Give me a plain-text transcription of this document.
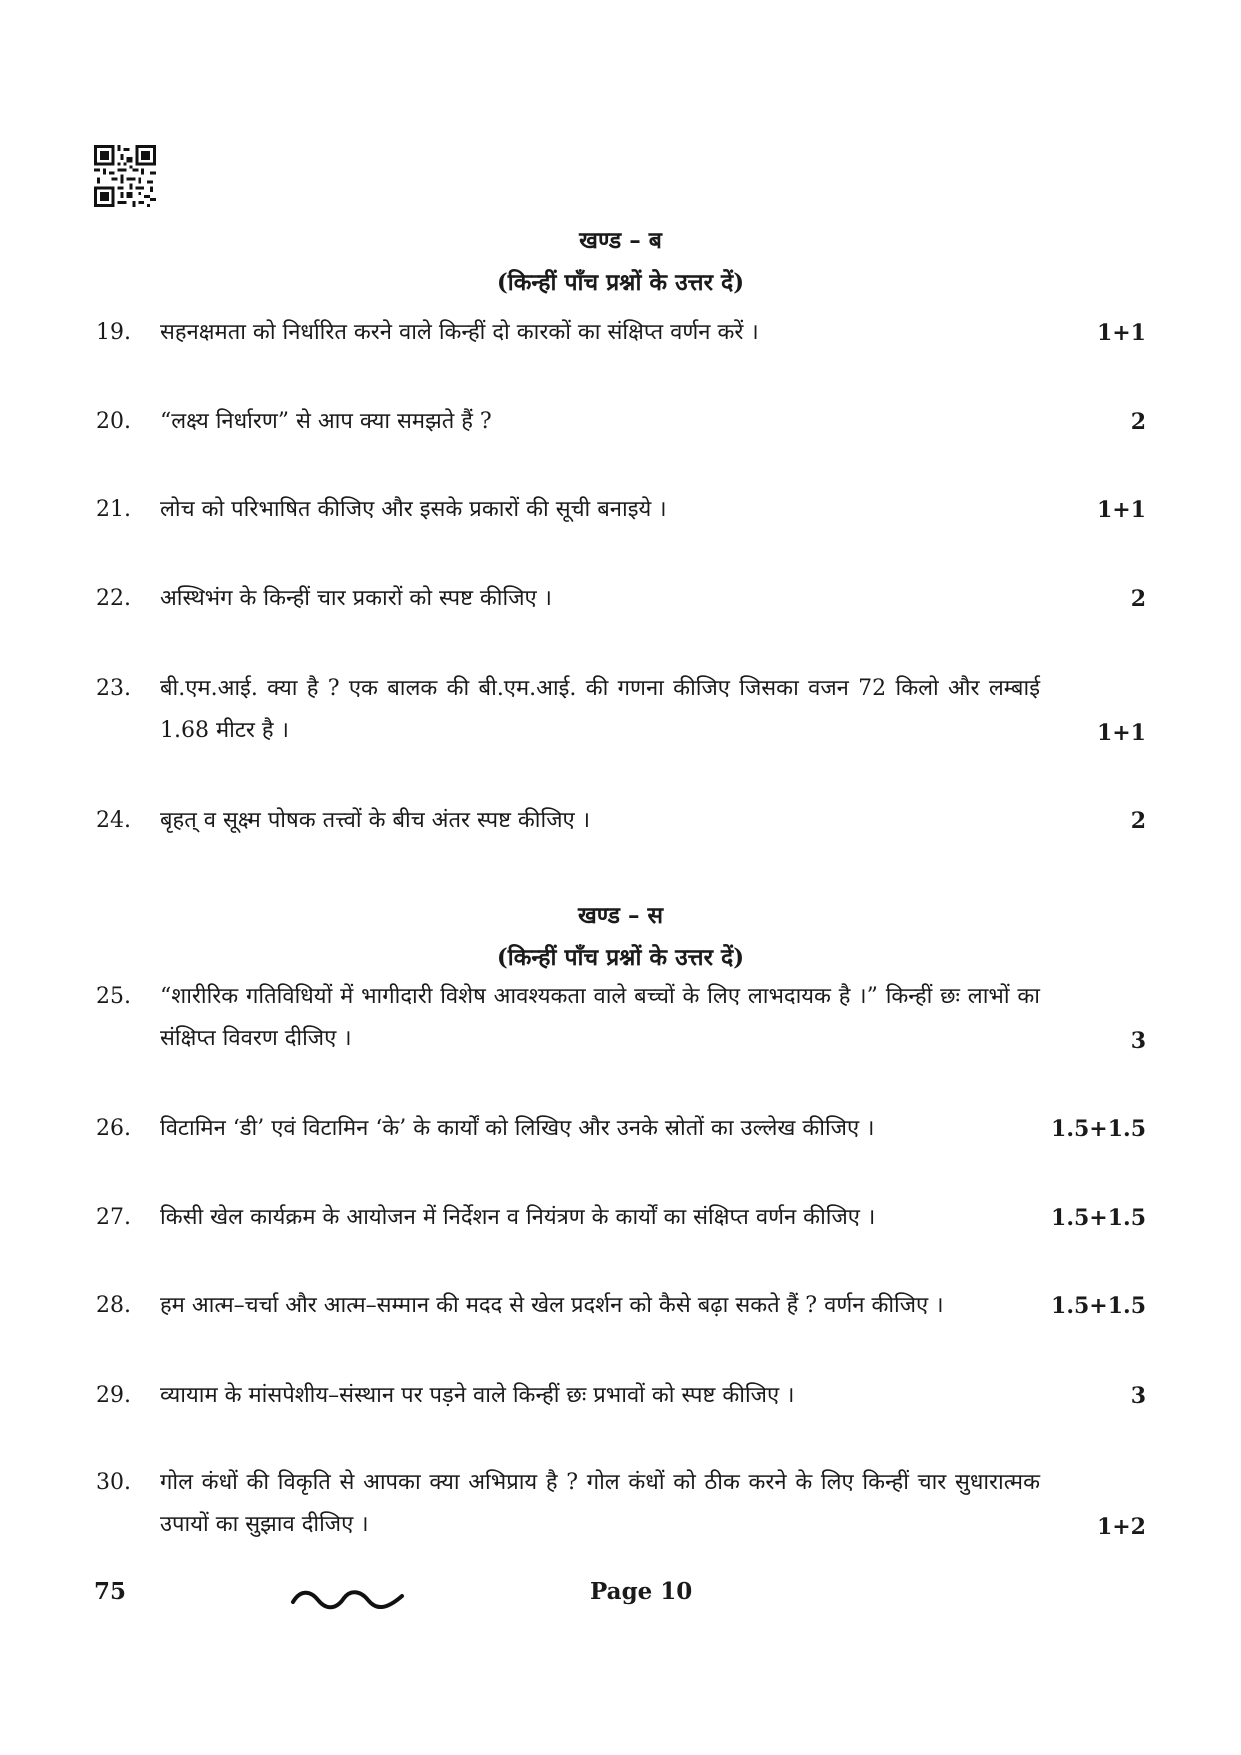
खण्ड – ब
(किन्हीं पाँच प्रश्नों के उत्तर दें)
19.	सहनक्षमता को निर्धारित करने वाले किन्हीं दो कारकों का संक्षिप्त वर्णन करें ।	1+1
20.	“लक्ष्य निर्धारण” से आप क्या समझते हैं ?	2
21.	लोच को परिभाषित कीजिए और इसके प्रकारों की सूची बनाइये ।	1+1
22.	अस्थिभंग के किन्हीं चार प्रकारों को स्पष्ट कीजिए ।	2
23.	बी.एम.आई. क्या है ? एक बालक की बी.एम.आई. की गणना कीजिए जिसका वजन 72 किलो और लम्बाई 1.68 मीटर है ।	1+1
24.	बृहत् व सूक्ष्म पोषक तत्त्वों के बीच अंतर स्पष्ट कीजिए ।	2
खण्ड – स
(किन्हीं पाँच प्रश्नों के उत्तर दें)
25.	“शारीरिक गतिविधियों में भागीदारी विशेष आवश्यकता वाले बच्चों के लिए लाभदायक है ।” किन्हीं छः लाभों का संक्षिप्त विवरण दीजिए ।	3
26.	विटामिन ‘डी’ एवं विटामिन ‘के’ के कार्यों को लिखिए और उनके स्रोतों का उल्लेख कीजिए ।	1.5+1.5
27.	किसी खेल कार्यक्रम के आयोजन में निर्देशन व नियंत्रण के कार्यों का संक्षिप्त वर्णन कीजिए ।	1.5+1.5
28.	हम आत्म–चर्चा और आत्म–सम्मान की मदद से खेल प्रदर्शन को कैसे बढ़ा सकते हैं ? वर्णन कीजिए ।	1.5+1.5
29.	व्यायाम के मांसपेशीय–संस्थान पर पड़ने वाले किन्हीं छः प्रभावों को स्पष्ट कीजिए ।	3
30.	गोल कंधों की विकृति से आपका क्या अभिप्राय है ? गोल कंधों को ठीक करने के लिए किन्हीं चार सुधारात्मक उपायों का सुझाव दीजिए ।	1+2
75	Page 10
